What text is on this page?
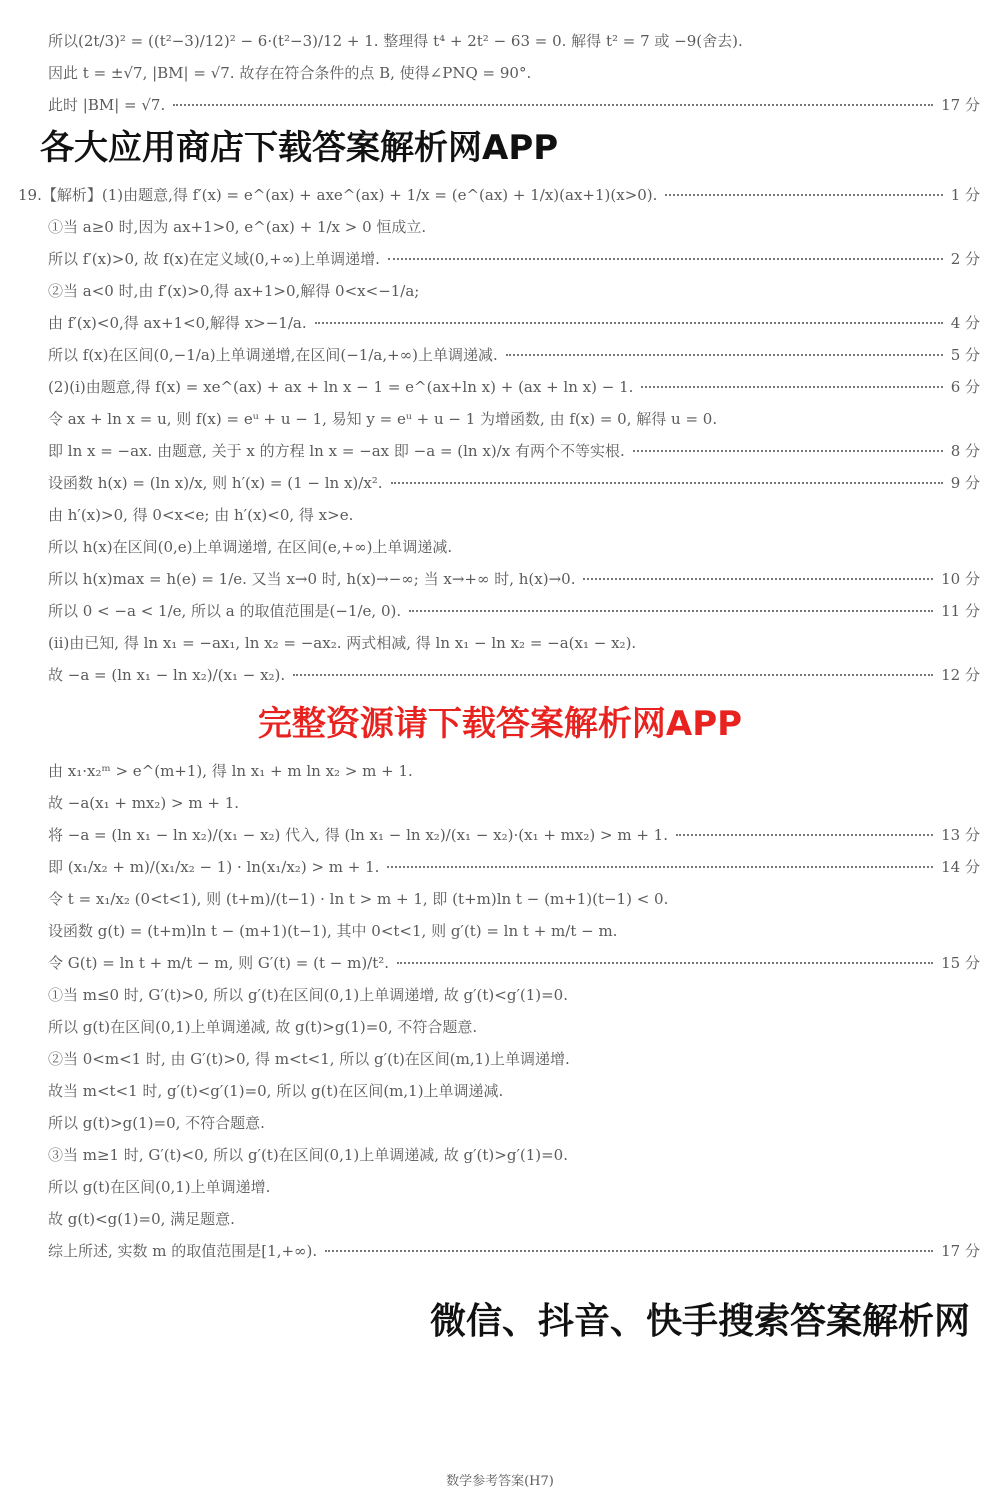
所以(2t/3)² = ((t²−3)/12)² − 6·(t²−3)/12 + 1. 整理得 t⁴ + 2t² − 63 = 0. 解得 t² = 7 或 −9(舍去).
因此 t = ±√7, |BM| = √7. 故存在符合条件的点 B, 使得∠PNQ = 90°.
此时 |BM| = √7.	17 分
19.【解析】(1)由题意,得 f′(x) = e^(ax) + axe^(ax) + 1/x = (e^(ax) + 1/x)(ax+1)(x>0).	1 分
①当 a≥0 时,因为 ax+1>0, e^(ax) + 1/x > 0 恒成立.
所以 f′(x)>0, 故 f(x)在定义域(0,+∞)上单调递增.	2 分
②当 a<0 时,由 f′(x)>0,得 ax+1>0,解得 0<x<−1/a;
由 f′(x)<0,得 ax+1<0,解得 x>−1/a.	4 分
所以 f(x)在区间(0,−1/a)上单调递增,在区间(−1/a,+∞)上单调递减.	5 分
(2)(i)由题意,得 f(x) = xe^(ax) + ax + ln x − 1 = e^(ax+ln x) + (ax + ln x) − 1.	6 分
令 ax + ln x = u, 则 f(x) = eᵘ + u − 1, 易知 y = eᵘ + u − 1 为增函数, 由 f(x) = 0, 解得 u = 0.
即 ln x = −ax. 由题意, 关于 x 的方程 ln x = −ax 即 −a = (ln x)/x 有两个不等实根.	8 分
设函数 h(x) = (ln x)/x, 则 h′(x) = (1 − ln x)/x².	9 分
由 h′(x)>0, 得 0<x<e; 由 h′(x)<0, 得 x>e.
所以 h(x)在区间(0,e)上单调递增, 在区间(e,+∞)上单调递减.
所以 h(x)max = h(e) = 1/e. 又当 x→0 时, h(x)→−∞; 当 x→+∞ 时, h(x)→0.	10 分
所以 0 < −a < 1/e, 所以 a 的取值范围是(−1/e, 0).	11 分
(ii)由已知, 得 ln x₁ = −ax₁, ln x₂ = −ax₂. 两式相减, 得 ln x₁ − ln x₂ = −a(x₁ − x₂).
故 −a = (ln x₁ − ln x₂)/(x₁ − x₂).	12 分
由 x₁·x₂ᵐ > e^(m+1), 得 ln x₁ + m ln x₂ > m + 1.
故 −a(x₁ + mx₂) > m + 1.
将 −a = (ln x₁ − ln x₂)/(x₁ − x₂) 代入, 得 (ln x₁ − ln x₂)/(x₁ − x₂)·(x₁ + mx₂) > m + 1.	13 分
即 (x₁/x₂ + m)/(x₁/x₂ − 1) · ln(x₁/x₂) > m + 1.	14 分
令 t = x₁/x₂ (0<t<1), 则 (t+m)/(t−1) · ln t > m + 1, 即 (t+m)ln t − (m+1)(t−1) < 0.
设函数 g(t) = (t+m)ln t − (m+1)(t−1), 其中 0<t<1, 则 g′(t) = ln t + m/t − m.
令 G(t) = ln t + m/t − m, 则 G′(t) = (t − m)/t².	15 分
①当 m≤0 时, G′(t)>0, 所以 g′(t)在区间(0,1)上单调递增, 故 g′(t)<g′(1)=0.
所以 g(t)在区间(0,1)上单调递减, 故 g(t)>g(1)=0, 不符合题意.
②当 0<m<1 时, 由 G′(t)>0, 得 m<t<1, 所以 g′(t)在区间(m,1)上单调递增.
故当 m<t<1 时, g′(t)<g′(1)=0, 所以 g(t)在区间(m,1)上单调递减.
所以 g(t)>g(1)=0, 不符合题意.
③当 m≥1 时, G′(t)<0, 所以 g′(t)在区间(0,1)上单调递减, 故 g′(t)>g′(1)=0.
所以 g(t)在区间(0,1)上单调递增.
故 g(t)<g(1)=0, 满足题意.
综上所述, 实数 m 的取值范围是[1,+∞).	17 分
数学参考答案(H7)
各大应用商店下载答案解析网APP
完整资源请下载答案解析网APP
微信、抖音、快手搜索答案解析网
